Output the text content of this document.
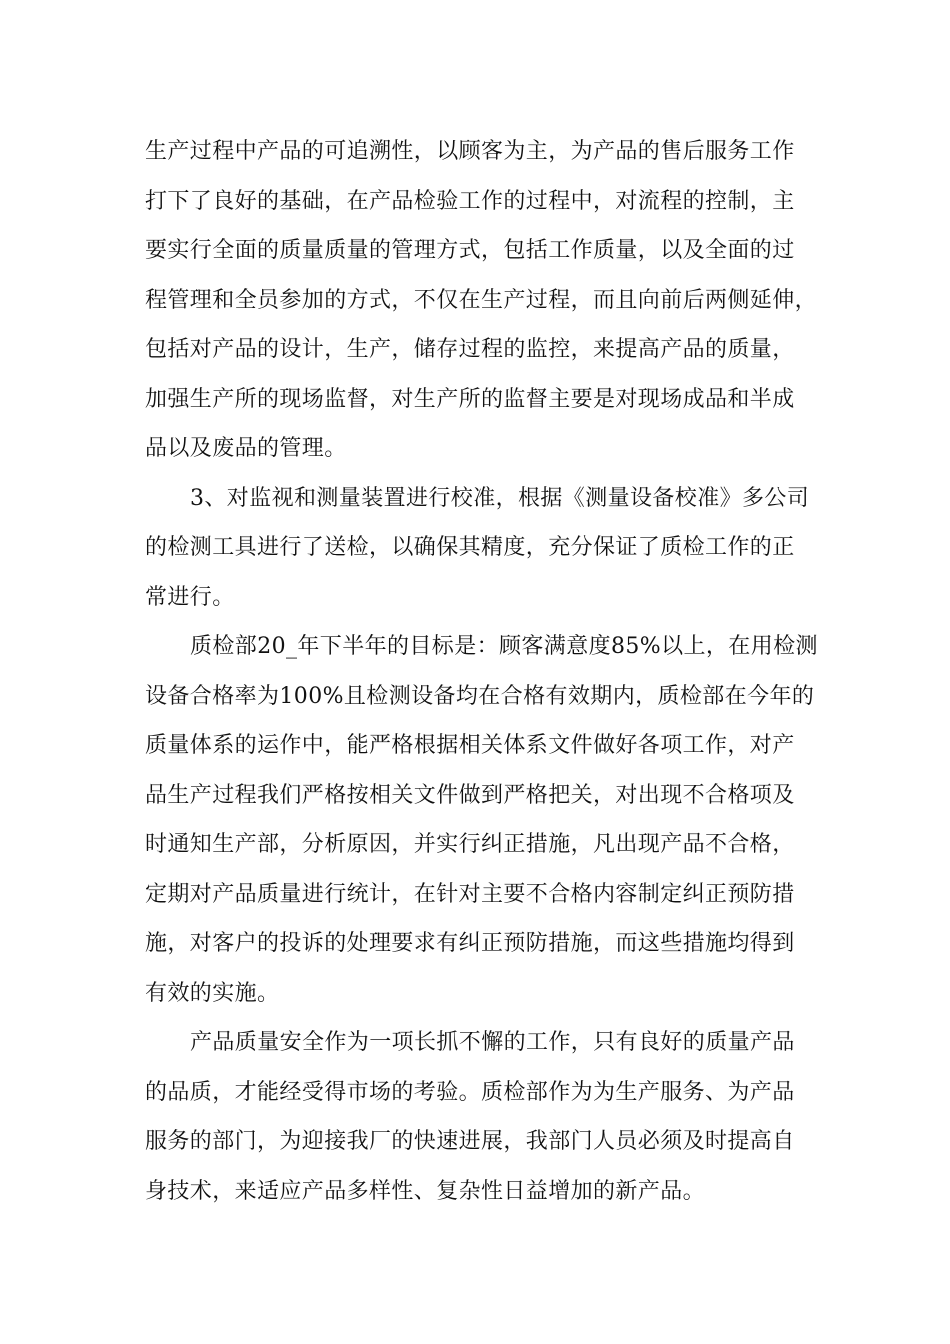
生产过程中产品的可追溯性，以顾客为主，为产品的售后服务工作
打下了良好的基础，在产品检验工作的过程中，对流程的控制，主
要实行全面的质量质量的管理方式，包括工作质量，以及全面的过
程管理和全员参加的方式，不仅在生产过程，而且向前后两侧延伸，
包括对产品的设计，生产，储存过程的监控，来提高产品的质量，
加强生产所的现场监督，对生产所的监督主要是对现场成品和半成
品以及废品的管理。
3、对监视和测量装置进行校准，根据《测量设备校准》多公司
的检测工具进行了送检，以确保其精度，充分保证了质检工作的正
常进行。
质检部20_年下半年的目标是：顾客满意度85%以上，在用检测
设备合格率为100%且检测设备均在合格有效期内，质检部在今年的
质量体系的运作中，能严格根据相关体系文件做好各项工作，对产
品生产过程我们严格按相关文件做到严格把关，对出现不合格项及
时通知生产部，分析原因，并实行纠正措施，凡出现产品不合格，
定期对产品质量进行统计，在针对主要不合格内容制定纠正预防措
施，对客户的投诉的处理要求有纠正预防措施，而这些措施均得到
有效的实施。
产品质量安全作为一项长抓不懈的工作，只有良好的质量产品
的品质，才能经受得市场的考验。质检部作为为生产服务、为产品
服务的部门，为迎接我厂的快速进展，我部门人员必须及时提高自
身技术，来适应产品多样性、复杂性日益增加的新产品。
